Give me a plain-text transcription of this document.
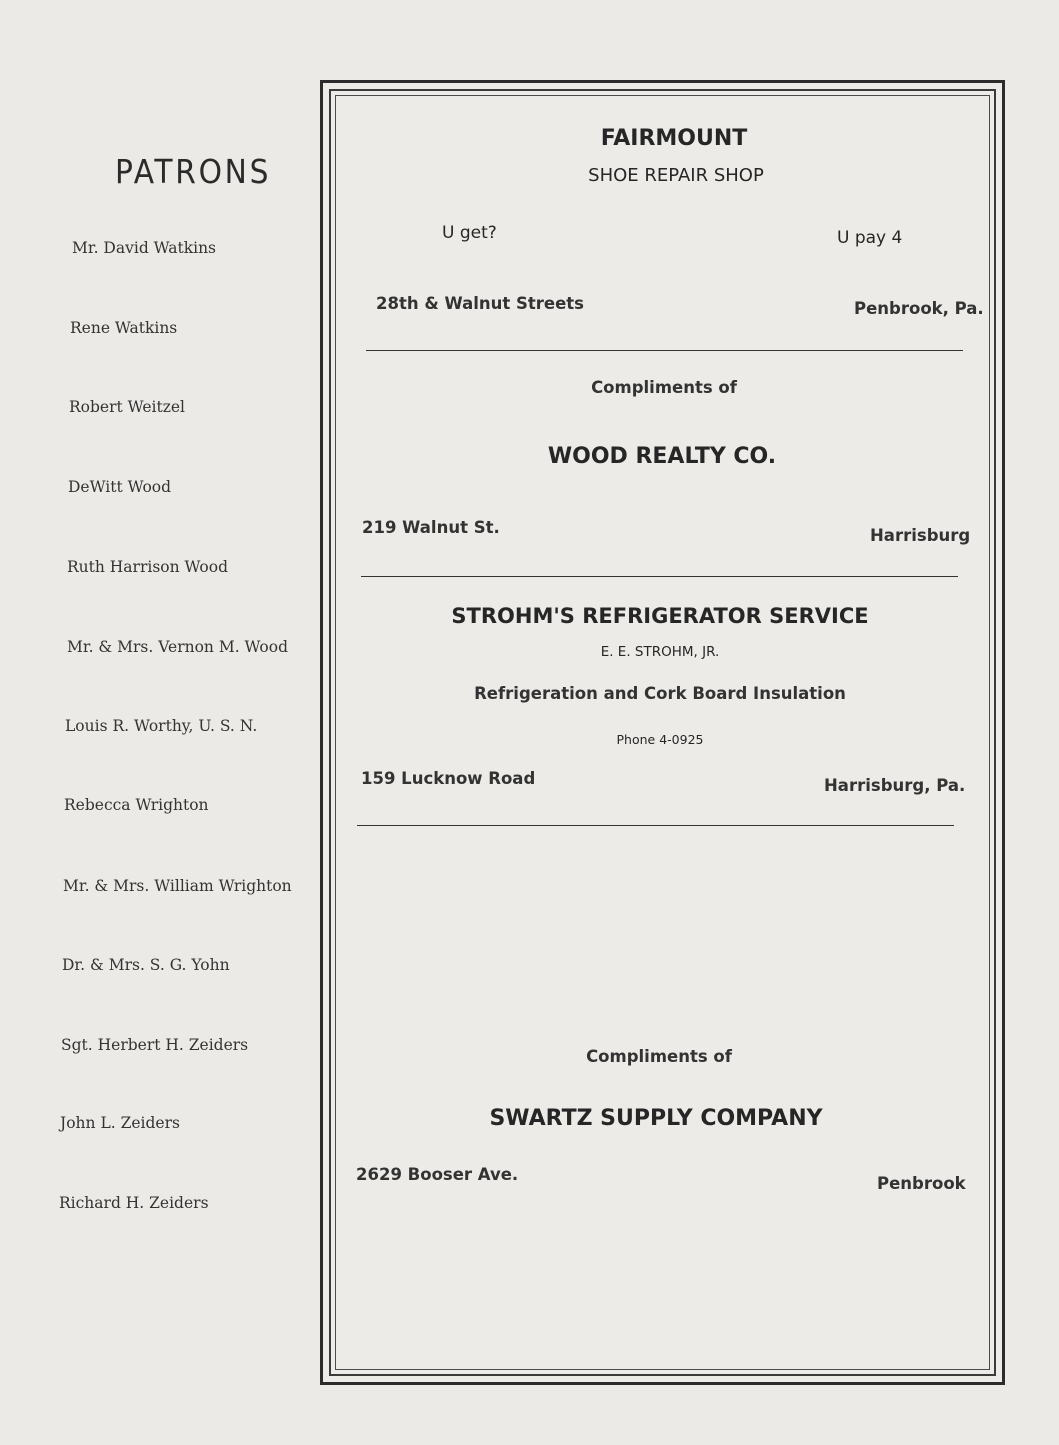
PATRONS
Mr. David Watkins
Rene Watkins
Robert Weitzel
DeWitt Wood
Ruth Harrison Wood
Mr. & Mrs. Vernon M. Wood
Louis R. Worthy, U. S. N.
Rebecca Wrighton
Mr. & Mrs. William Wrighton
Dr. & Mrs. S. G. Yohn
Sgt. Herbert H. Zeiders
John L. Zeiders
Richard H. Zeiders
FAIRMOUNT
SHOE REPAIR SHOP
U get?	U pay 4
28th & Walnut Streets	Penbrook, Pa.
Compliments of
WOOD REALTY CO.
219 Walnut St.	Harrisburg
STROHM'S REFRIGERATOR SERVICE
E. E. STROHM, JR.
Refrigeration and Cork Board Insulation
Phone 4-0925
159 Lucknow Road	Harrisburg, Pa.
Compliments of
SWARTZ SUPPLY COMPANY
2629 Booser Ave.	Penbrook
